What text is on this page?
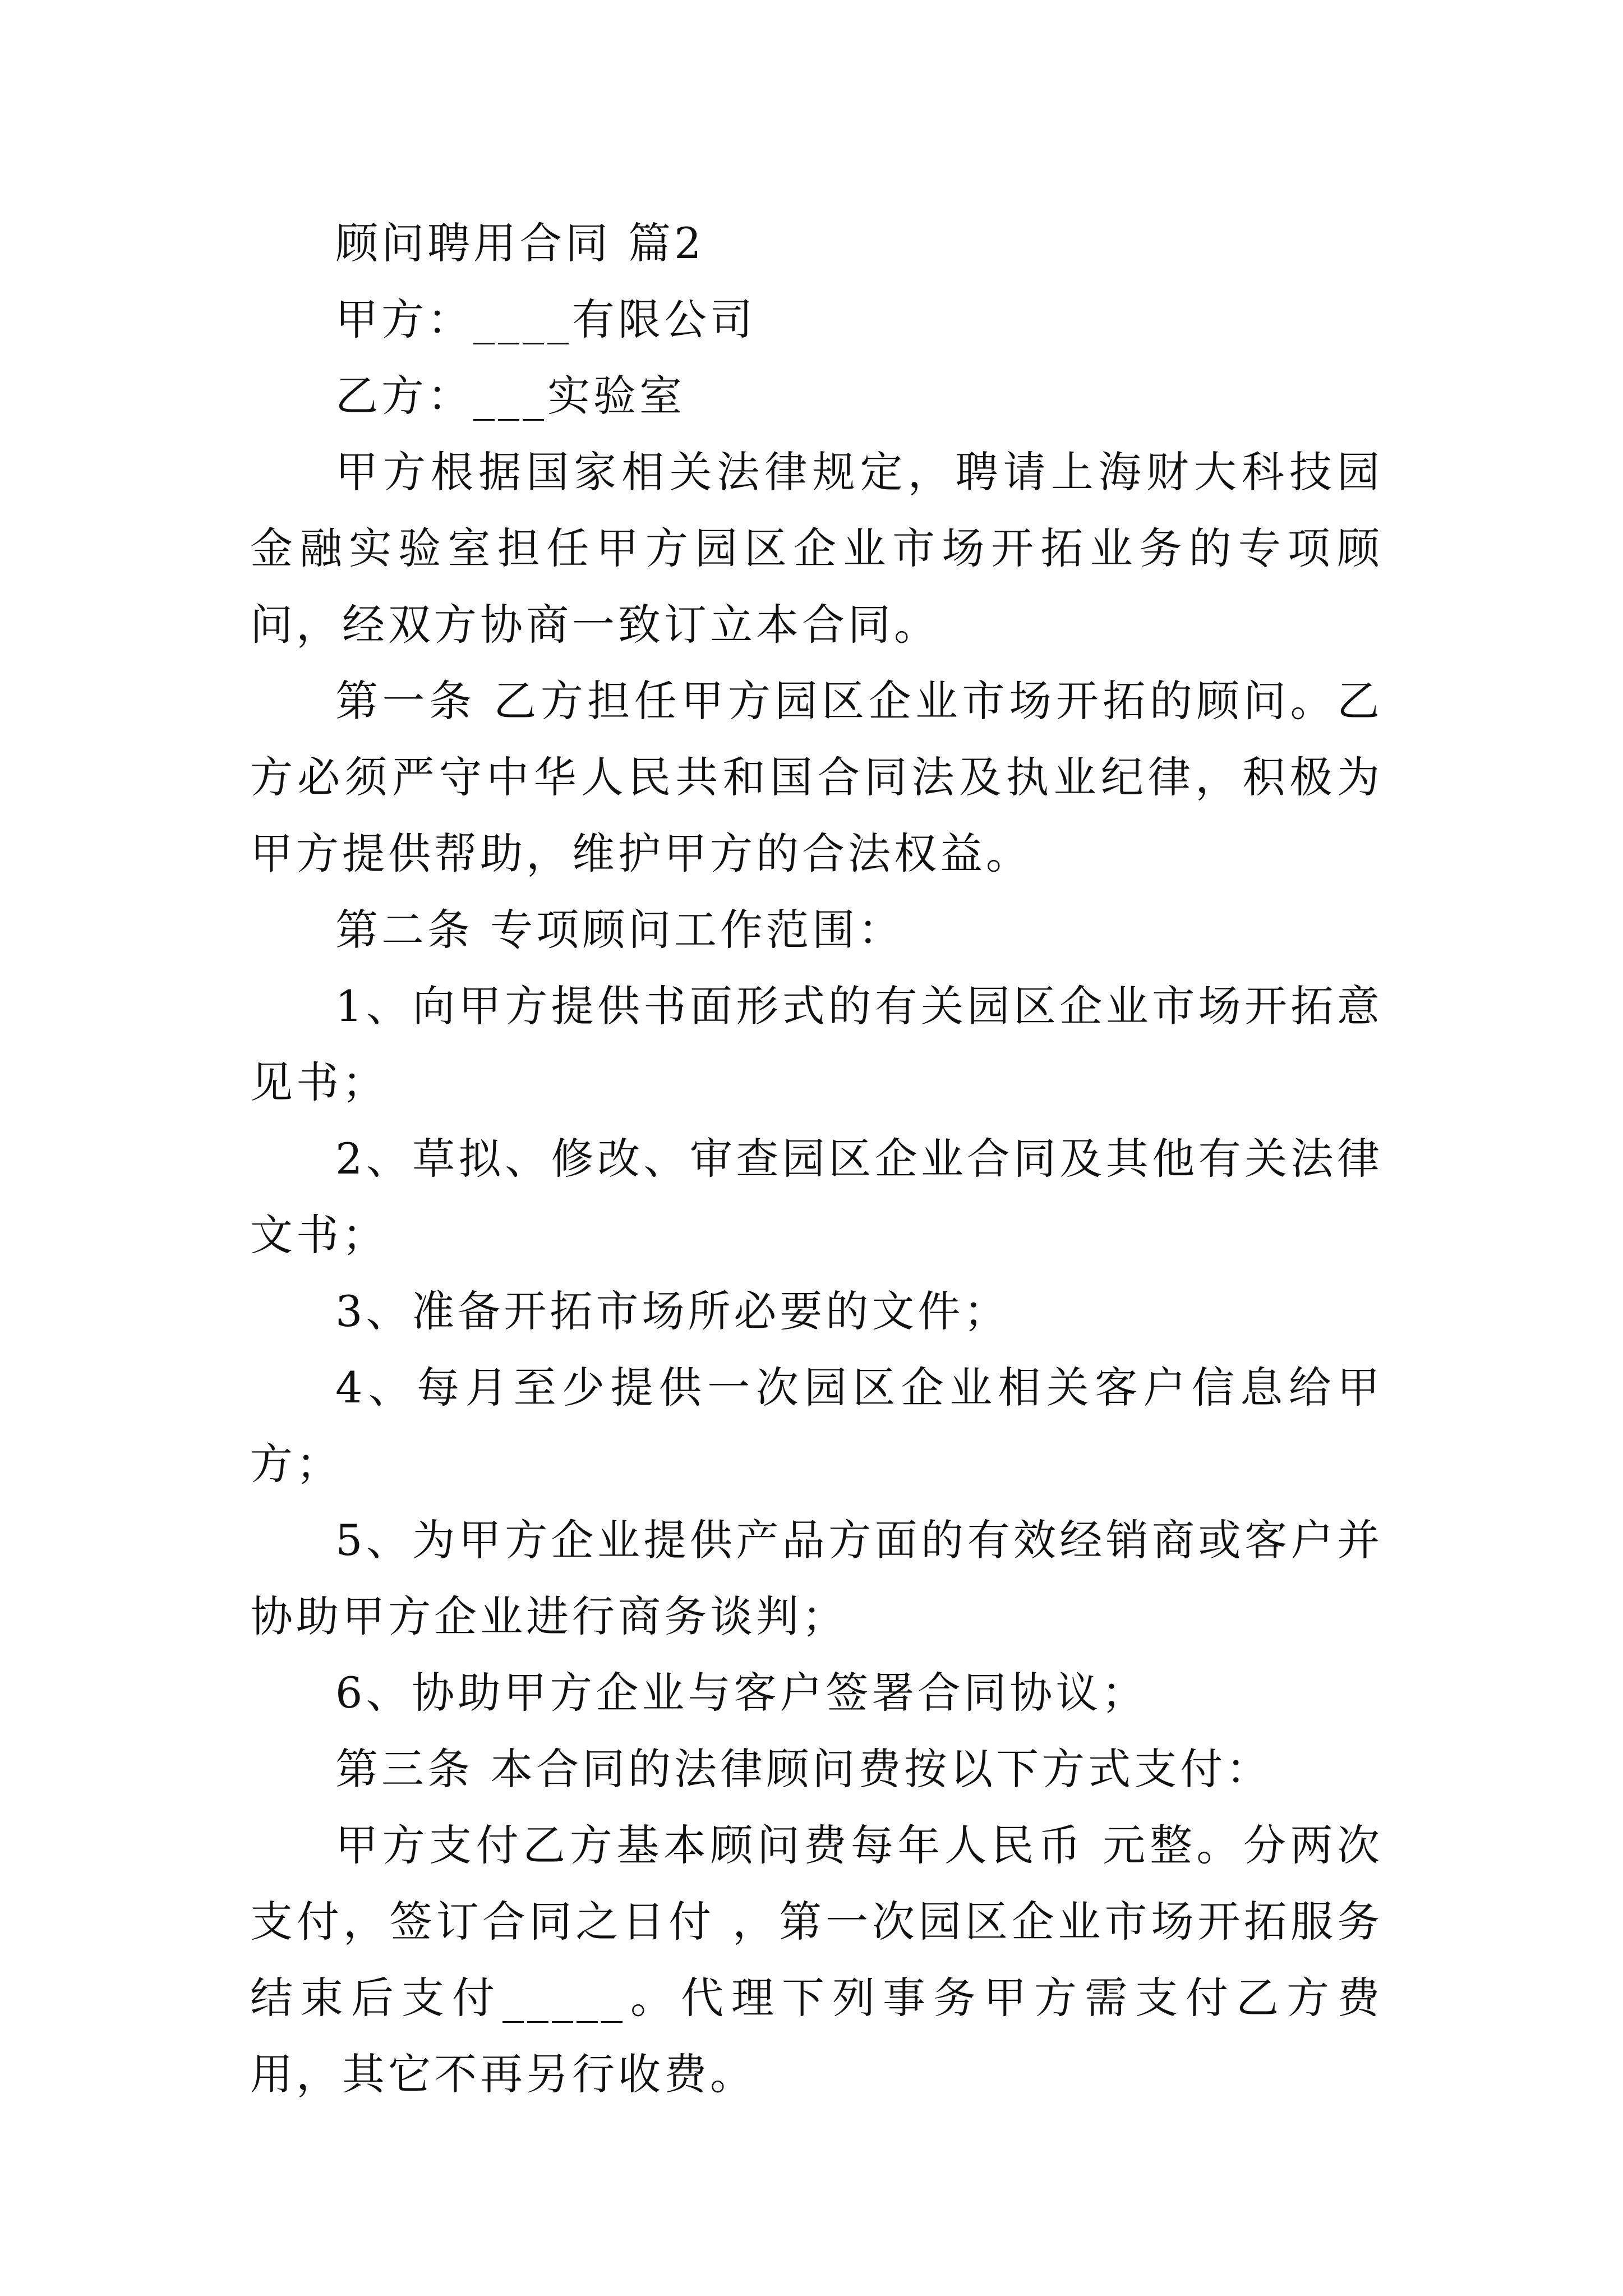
顾问聘用合同 篇2

甲方：____有限公司

乙方：___实验室

甲方根据国家相关法律规定，聘请上海财大科技园金融实验室担任甲方园区企业市场开拓业务的专项顾问，经双方协商一致订立本合同。

第一条 乙方担任甲方园区企业市场开拓的顾问。乙方必须严守中华人民共和国合同法及执业纪律，积极为甲方提供帮助，维护甲方的合法权益。

第二条 专项顾问工作范围：

1、向甲方提供书面形式的有关园区企业市场开拓意见书；

2、草拟、修改、审查园区企业合同及其他有关法律文书；

3、准备开拓市场所必要的文件；

4、每月至少提供一次园区企业相关客户信息给甲方；

5、为甲方企业提供产品方面的有效经销商或客户并协助甲方企业进行商务谈判；

6、协助甲方企业与客户签署合同协议；

第三条 本合同的法律顾问费按以下方式支付：

甲方支付乙方基本顾问费每年人民币 元整。分两次支付，签订合同之日付 ，第一次园区企业市场开拓服务结束后支付_____。代理下列事务甲方需支付乙方费用，其它不再另行收费。
